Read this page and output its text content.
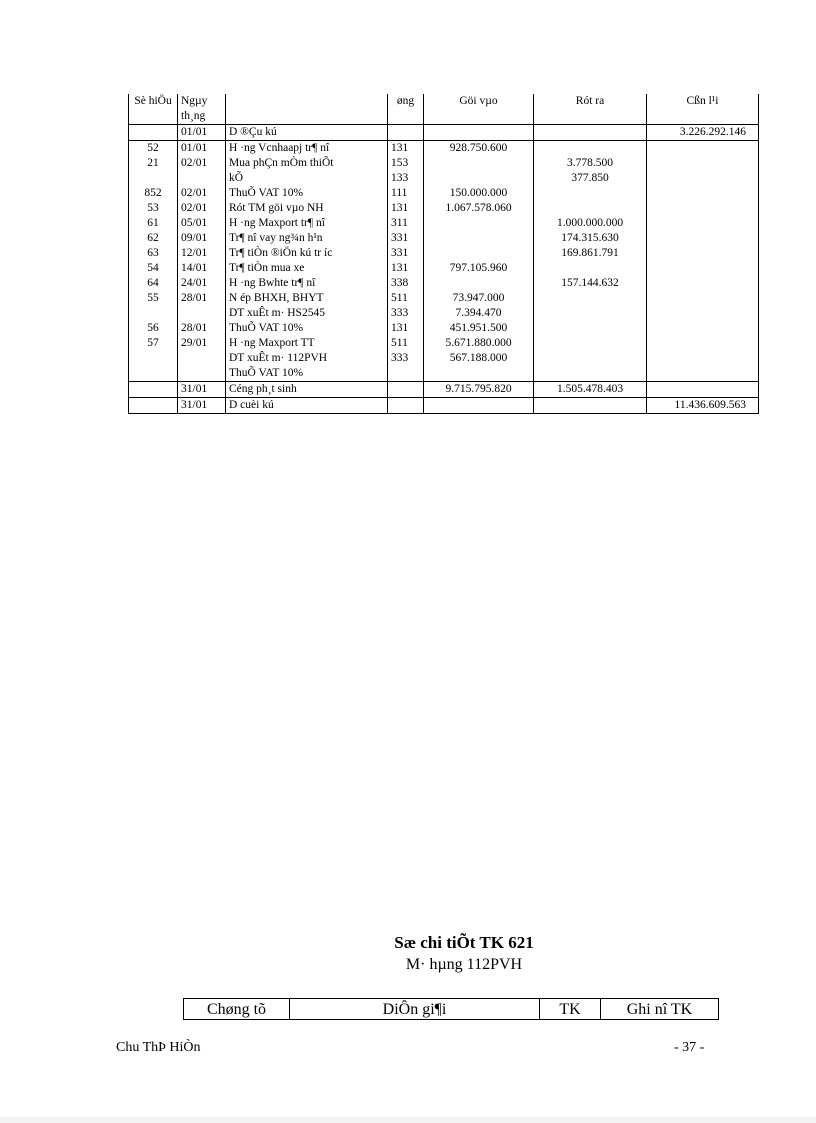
Sè hiÖu	Ngµy th¸ng		øng	Göi vµo	Rót ra	Cßn l¹i
	01/01	D ®Çu kú				3.226.292.146
52	01/01	H ·ng Vcnhaapj tr¶ nî	131	928.750.600		
21	02/01	Mua phÇn mÒm thiÕt	153		3.778.500	
		kÕ	133		377.850	
852	02/01	ThuÕ VAT 10%	111	150.000.000		
53	02/01	Rót TM göi vµo NH	131	1.067.578.060		
61	05/01	H ·ng Maxport tr¶ nî	311		1.000.000.000	
62	09/01	Tr¶ nî vay ng¾n h¹n	331		174.315.630	
63	12/01	Tr¶ tiÒn ®iÖn kú tr íc	331		169.861.791	
54	14/01	Tr¶ tiÒn mua xe	131	797.105.960		
64	24/01	H ·ng Bwhte tr¶ nî	338		157.144.632	
55	28/01	N ép BHXH, BHYT	511	73.947.000		
		DT xuÊt m· HS2545	333	7.394.470		
56	28/01	ThuÕ VAT 10%	131	451.951.500		
57	29/01	H ·ng Maxport TT	511	5.671.880.000		
		DT xuÊt m· 112PVH	333	567.188.000		
		ThuÕ VAT 10%				
	31/01	Céng ph¸t sinh		9.715.795.820	1.505.478.403	
	31/01	D cuèi kú				11.436.609.563
Sæ chi tiÕt TK 621
M· hµng 112PVH
Chøng tõ	DiÔn gi¶i	TK	Ghi nî TK
Chu ThÞ HiÒn	- 37 -
